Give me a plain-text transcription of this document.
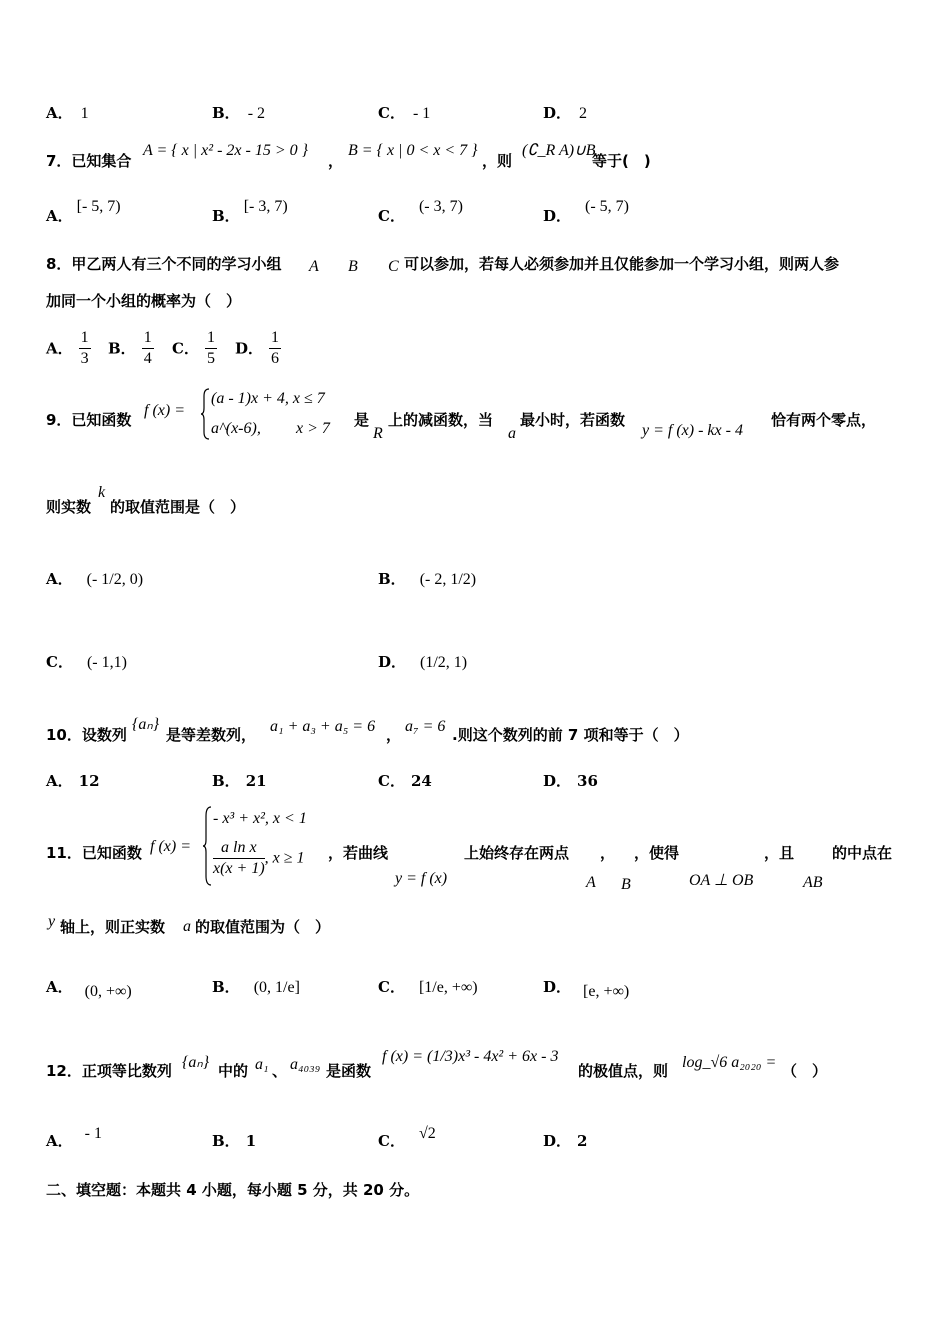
A． 1	B． - 2	C． - 1	D． 2
7．已知集合
A = { x | x² - 2x - 15 > 0 }
，
B = { x | 0 < x < 7 }
，则
(∁_R A)∪B
等于(　)
A．[- 5, 7)
B．[- 3, 7)
C．(- 3, 7)
D．(- 5, 7)
8．甲乙两人有三个不同的学习小组 A B C 可以参加，若每人必须参加并且仅能参加一个学习小组，则两人参
加同一个小组的概率为（　）
A． $\frac{1}{3}$ B． $\frac{1}{4}$ C． $\frac{1}{5}$ D． $\frac{1}{6}$
9．已知函数
f (x) =
(a - 1)x + 4, x ≤ 7
a^(x-6), x > 7 是
R
上的减函数，当
a
最小时，若函数
y = f (x) - kx - 4
恰有两个零点，
则实数
k
的取值范围是（　）
A． (- 1/2, 0)	B． (- 2, 1/2)
C． (- 1,1)	D． (1/2, 1)
10．设数列
{aₙ}
是等差数列， a₁ + a₃ + a₅ = 6 ， a₇ = 6 .则这个数列的前 7 项和等于（　）
A． 12	B． 21	C． 24	D． 36
11．已知函数 f (x) =
- x³ + x², x < 1
$\frac{\text{a ln x}}{x(x + 1)}$ , x ≥ 1 ，若曲线
y = f (x)
上始终存在两点 ， ，使得	，且	的中点在
A B	OA ⊥ OB	AB
y 轴上，则正实数 a 的取值范围为（　）
A． (0, +∞)	B． (0, 1/e]	C． [1/e, +∞)	D． [e, +∞)
12．正项等比数列 {aₙ} 中的 a₁ 、 a₄₀₃₉ 是函数
f (x) = (1/3)x³ - 4x² + 6x - 3
的极值点，则 log_√6 a₂₀₂₀ = （　）
A． - 1	B． 1	C． √2	D． 2
二、填空题：本题共 4 小题，每小题 5 分，共 20 分。
